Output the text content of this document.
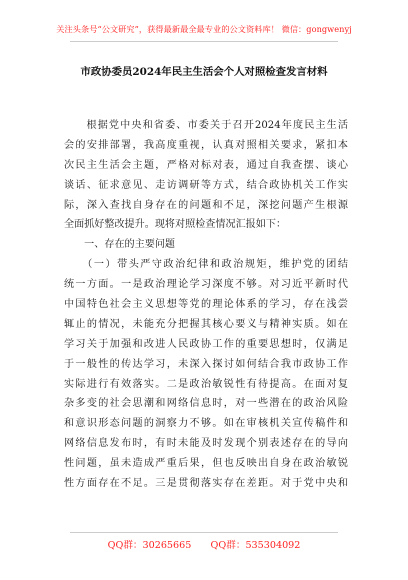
关注头条号“公文研究”，获得最新最全最专业的公文资料库！ 微信：gongwenyj
市政协委员2024年民主生活会个人对照检查发言材料
　　根据党中央和省委、市委关于召开2024年度民主生活
会的安排部署，我高度重视，认真对照相关要求，紧扣本
次民主生活会主题，严格对标对表，通过自我查摆、谈心
谈话、征求意见、走访调研等方式，结合政协机关工作实
际，深入查找自身存在的问题和不足，深挖问题产生根源
全面抓好整改提升。现将对照检查情况汇报如下：
　　一、存在的主要问题
　　（一）带头严守政治纪律和政治规矩，维护党的团结
统一方面。一是政治理论学习深度不够。对习近平新时代
中国特色社会主义思想等党的理论体系的学习，存在浅尝
辄止的情况，未能充分把握其核心要义与精神实质。如在
学习关于加强和改进人民政协工作的重要思想时，仅满足
于一般性的传达学习，未深入探讨如何结合我市政协工作
实际进行有效落实。二是政治敏锐性有待提高。在面对复
杂多变的社会思潮和网络信息时，对一些潜在的政治风险
和意识形态问题的洞察力不够。如在审核机关宣传稿件和
网络信息发布时，有时未能及时发现个别表述存在的导向
性问题，虽未造成严重后果，但也反映出自身在政治敏锐
性方面存在不足。三是贯彻落实存在差距。对于党中央和
QQ群：30265665　　QQ群：535304092
